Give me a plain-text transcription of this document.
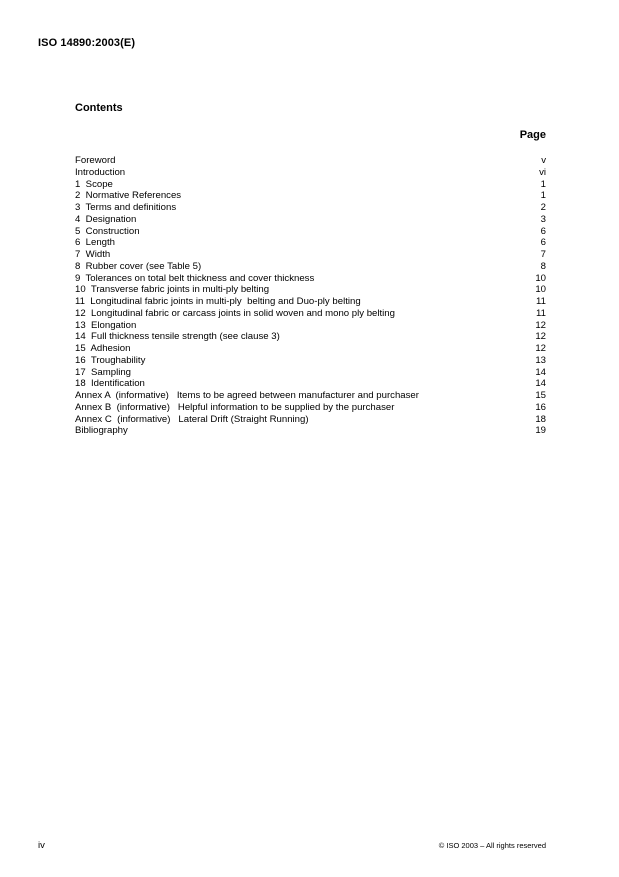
ISO 14890:2003(E)
Contents
Page
Foreword	v
Introduction	vi
1  Scope	1
2  Normative References	1
3  Terms and definitions	2
4  Designation	3
5  Construction	6
6  Length	6
7  Width	7
8  Rubber cover (see Table 5)	8
9  Tolerances on total belt thickness and cover thickness	10
10  Transverse fabric joints in multi-ply belting	10
11  Longitudinal fabric joints in multi-ply  belting and Duo-ply belting	11
12  Longitudinal fabric or carcass joints in solid woven and mono ply belting	11
13  Elongation	12
14  Full thickness tensile strength (see clause 3)	12
15  Adhesion	12
16  Troughability	13
17  Sampling	14
18  Identification	14
Annex A  (informative)   Items to be agreed between manufacturer and purchaser	15
Annex B  (informative)   Helpful information to be supplied by the purchaser	16
Annex C  (informative)   Lateral Drift (Straight Running)	18
Bibliography	19
iv	© ISO 2003 – All rights reserved
